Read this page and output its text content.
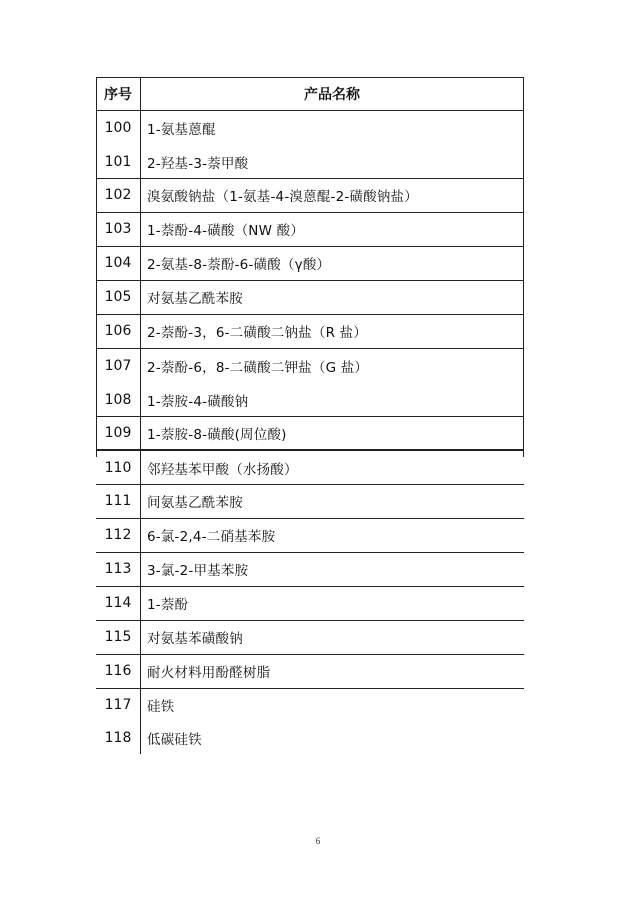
序号	产品名称
100	1-氨基蒽醌
101	2-羟基-3-萘甲酸
102	溴氨酸钠盐（1-氨基-4-溴蒽醌-2-磺酸钠盐）
103	1-萘酚-4-磺酸（NW 酸）
104	2-氨基-8-萘酚-6-磺酸（γ酸）
105	对氨基乙酰苯胺
106	2-萘酚-3，6-二磺酸二钠盐（R 盐）
107	2-萘酚-6，8-二磺酸二钾盐（G 盐）
108	1-萘胺-4-磺酸钠
109	1-萘胺-8-磺酸(周位酸)
110	邻羟基苯甲酸（水扬酸）
111	间氨基乙酰苯胺
112	6-氯-2,4-二硝基苯胺
113	3-氯-2-甲基苯胺
114	1-萘酚
115	对氨基苯磺酸钠
116	耐火材料用酚醛树脂
117	硅铁
118	低碳硅铁
6
